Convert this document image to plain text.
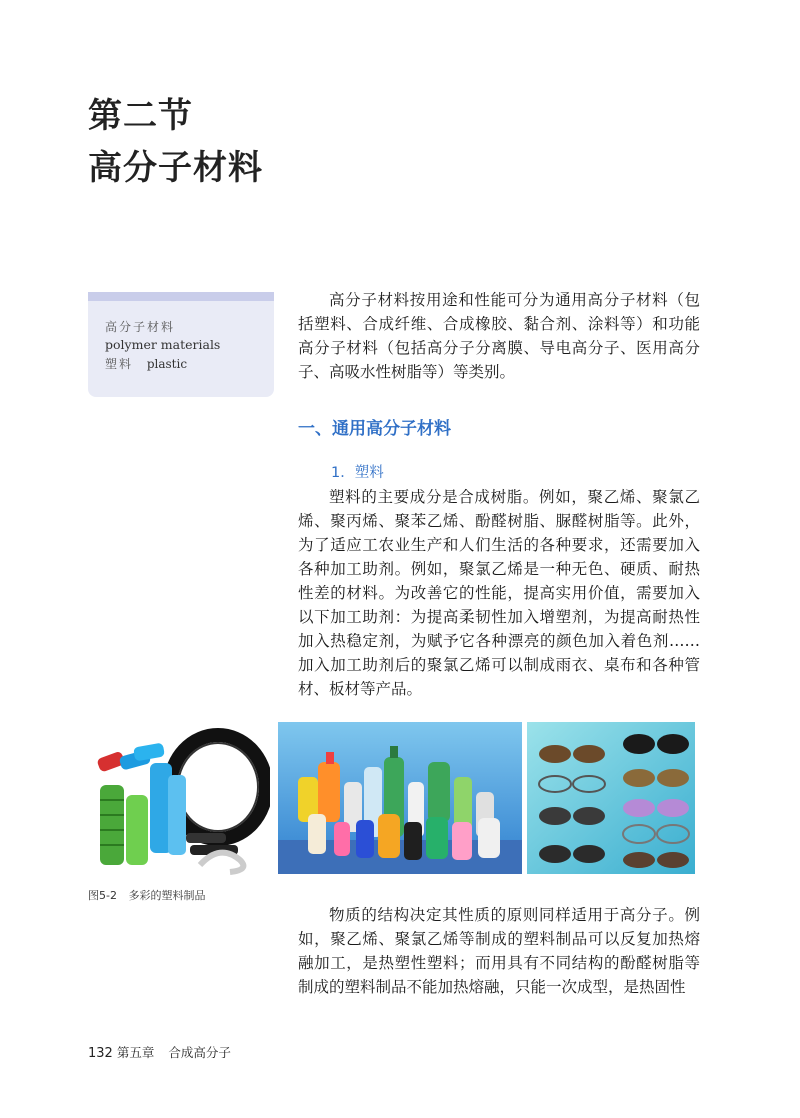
第二节
高分子材料
高分子材料
polymer materials
塑料 plastic

高分子材料按用途和性能可分为通用高分子材料（包括塑料、合成纤维、合成橡胶、黏合剂、涂料等）和功能高分子材料（包括高分子分离膜、导电高分子、医用高分子、高吸水性树脂等）等类别。

一、通用高分子材料
1．塑料

塑料的主要成分是合成树脂。例如，聚乙烯、聚氯乙烯、聚丙烯、聚苯乙烯、酚醛树脂、脲醛树脂等。此外，为了适应工农业生产和人们生活的各种要求，还需要加入各种加工助剂。例如，聚氯乙烯是一种无色、硬质、耐热性差的材料。为改善它的性能，提高实用价值，需要加入以下加工助剂：为提高柔韧性加入增塑剂，为提高耐热性加入热稳定剂，为赋予它各种漂亮的颜色加入着色剂……加入加工助剂后的聚氯乙烯可以制成雨衣、桌布和各种管材、板材等产品。

图5-2 多彩的塑料制品

物质的结构决定其性质的原则同样适用于高分子。例如，聚乙烯、聚氯乙烯等制成的塑料制品可以反复加热熔融加工，是热塑性塑料；而用具有不同结构的酚醛树脂等制成的塑料制品不能加热熔融，只能一次成型，是热固性

132 第五章 合成高分子
